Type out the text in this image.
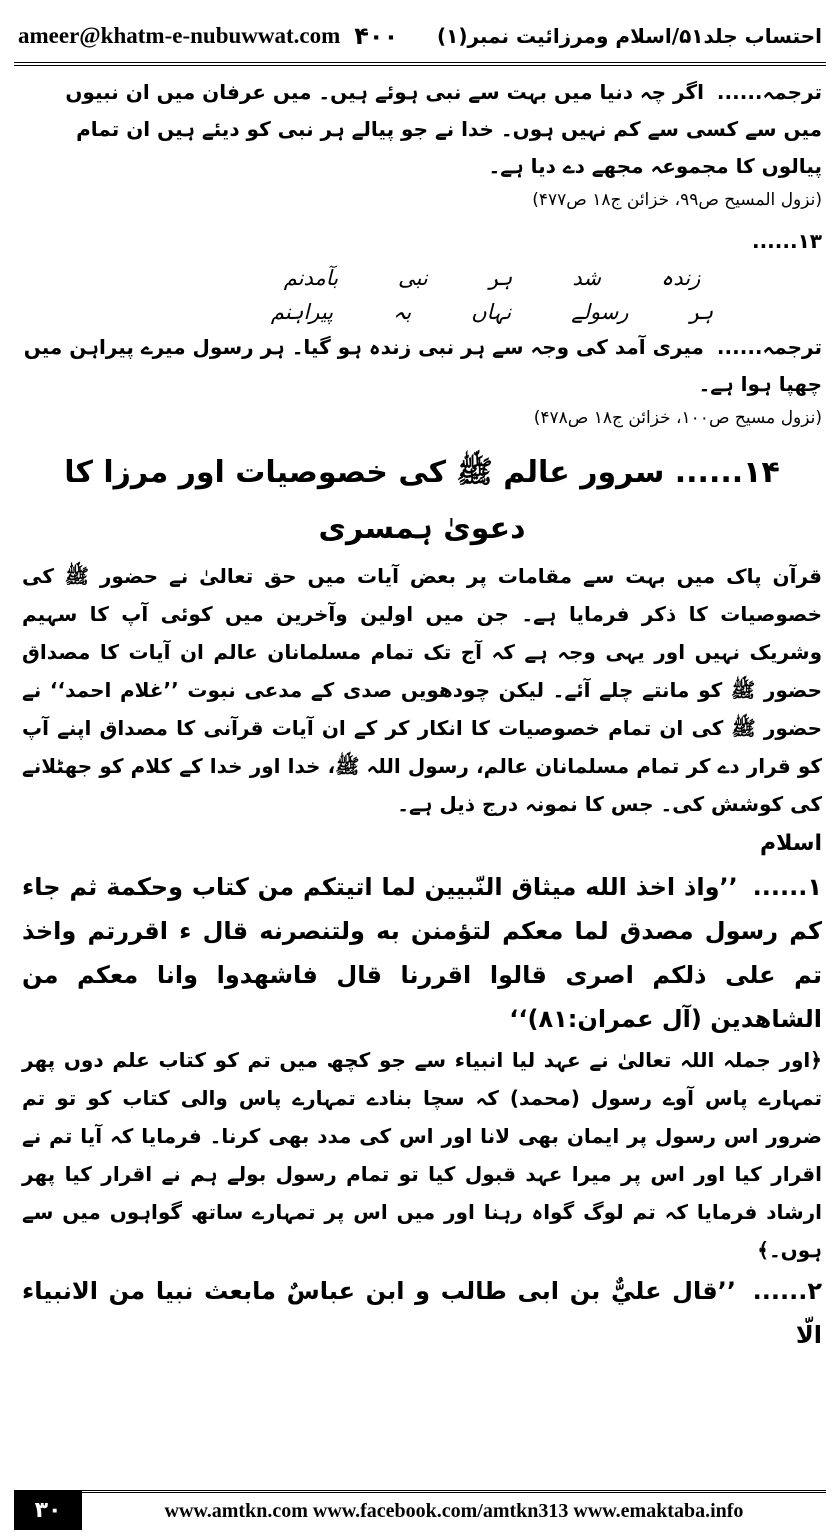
ameer@khatm-e-nubuwwat.com ۴۰۰ احتساب جلد۵۱/اسلام ومرزائیت نمبر(۱)

ترجمہ...... اگر چہ دنیا میں بہت سے نبی ہوئے ہیں۔ میں عرفان میں ان نبیوں میں سے کسی سے کم نہیں ہوں۔ خدا نے جو پیالے ہر نبی کو دیئے ہیں ان تمام پیالوں کا مجموعہ مجھے دے دیا ہے۔

(نزول المسیح ص۹۹، خزائن ج۱۸ ص۴۷۷)

۱۳......

زندہ
شد
ہر
نبی
بآمدنم
ہر
رسولے
نہاں
بہ
پیراہنم

ترجمہ...... میری آمد کی وجہ سے ہر نبی زندہ ہو گیا۔ ہر رسول میرے پیراہن میں چھپا ہوا ہے۔

(نزول مسیح ص۱۰۰، خزائن ج۱۸ ص۴۷۸)

۱۴...... سرور عالم ﷺ کی خصوصیات اور مرزا کا دعویٰ ہمسری

قرآن پاک میں بہت سے مقامات پر بعض آیات میں حق تعالیٰ نے حضور ﷺ کی خصوصیات کا ذکر فرمایا ہے۔ جن میں اولین وآخرین میں کوئی آپ کا سہیم وشریک نہیں اور یہی وجہ ہے کہ آج تک تمام مسلمانان عالم ان آیات کا مصداق حضور ﷺ کو مانتے چلے آئے۔ لیکن چودھویں صدی کے مدعی نبوت ’’غلام احمد‘‘ نے حضور ﷺ کی ان تمام خصوصیات کا انکار کر کے ان آیات قرآنی کا مصداق اپنے آپ کو قرار دے کر تمام مسلمانان عالم، رسول اللہ ﷺ، خدا اور خدا کے کلام کو جھٹلانے کی کوشش کی۔ جس کا نمونہ درج ذیل ہے۔

اسلام

۱...... ’’واذ اخذ الله ميثاق النّبيين لما اتيتكم من كتاب وحكمة ثم جاء كم رسول مصدق لما معكم لتؤمنن به ولتنصرنه قال ء اقررتم واخذ تم على ذلكم اصرى قالوا اقررنا قال فاشهدوا وانا معكم من الشاهدين (آل عمران:۸۱)‘‘

﴿اور جملہ اللہ تعالیٰ نے عہد لیا انبیاء سے جو کچھ میں تم کو کتاب علم دوں پھر تمہارے پاس آوے رسول (محمد) کہ سچا بنادے تمہارے پاس والی کتاب کو تو تم ضرور اس رسول پر ایمان بھی لانا اور اس کی مدد بھی کرنا۔ فرمایا کہ آیا تم نے اقرار کیا اور اس پر میرا عہد قبول کیا تو تمام رسول بولے ہم نے اقرار کیا پھر ارشاد فرمایا کہ تم لوگ گواہ رہنا اور میں اس پر تمہارے ساتھ گواہوں میں سے ہوں۔﴾

۲...... ’’قال عليٌّ بن ابى طالب و ابن عباسٌ مابعث نبيا من الانبياء الّا

۳۰	www.amtkn.com www.facebook.com/amtkn313 www.emaktaba.info
